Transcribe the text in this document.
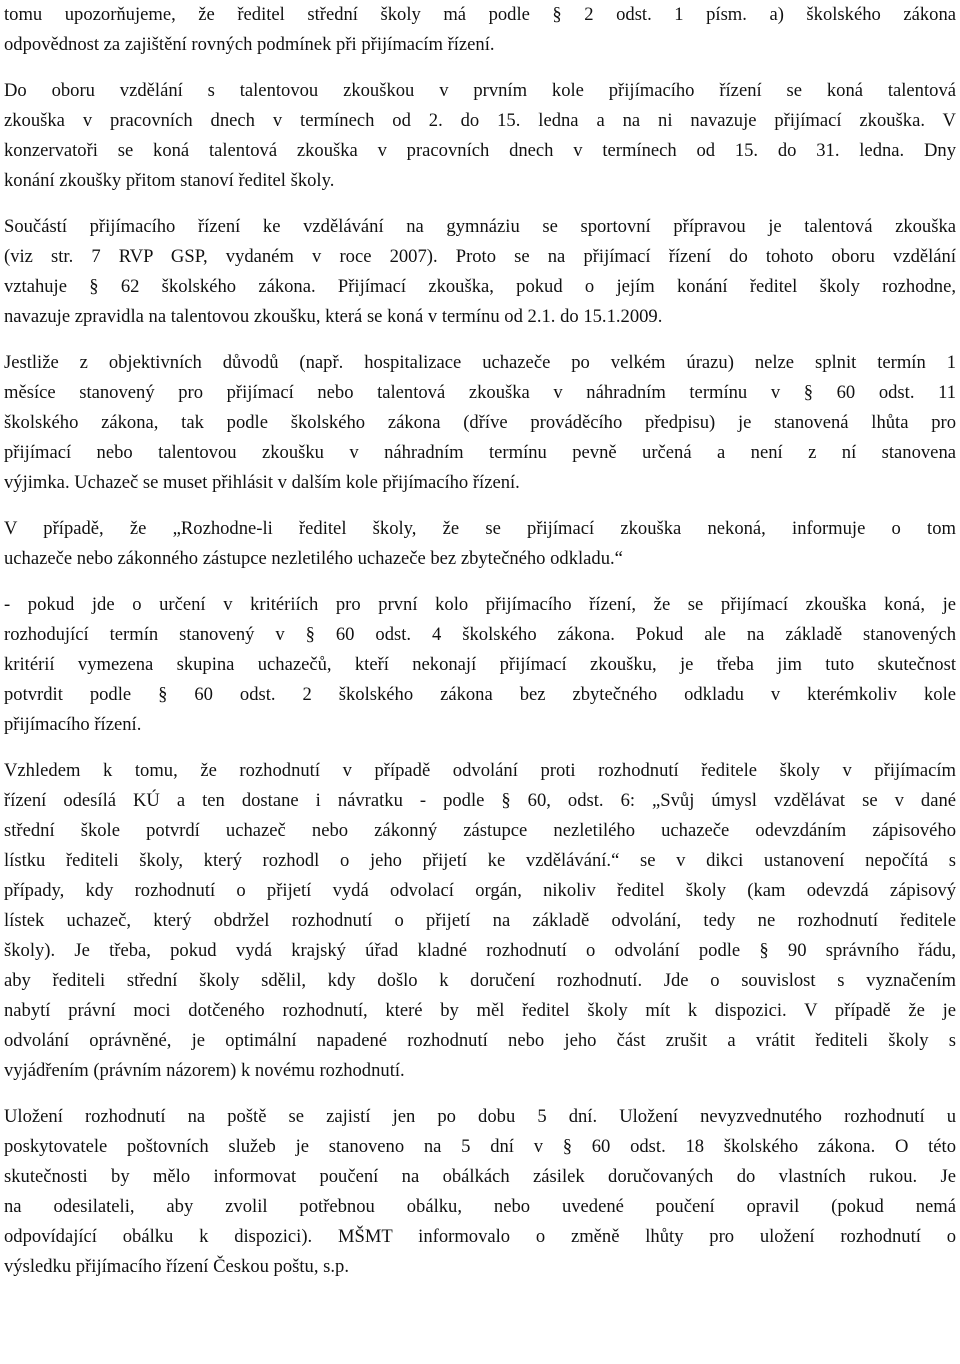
tomu upozorňujeme, že ředitel střední školy má podle § 2 odst. 1 písm. a) školského zákona
odpovědnost za zajištění rovných podmínek při přijímacím řízení.
Do oboru vzdělání s talentovou zkouškou v prvním kole přijímacího řízení se koná talentová
zkouška v pracovních dnech v termínech od 2. do 15. ledna a na ni navazuje přijímací zkouška. V
konzervatoři se koná talentová zkouška v pracovních dnech v termínech od 15. do 31. ledna. Dny
konání zkoušky přitom stanoví ředitel školy.
Součástí přijímacího řízení ke vzdělávání na gymnáziu se sportovní přípravou je talentová zkouška
(viz str. 7 RVP GSP, vydaném v roce 2007). Proto se na přijímací řízení do tohoto oboru vzdělání
vztahuje § 62 školského zákona. Přijímací zkouška, pokud o jejím konání ředitel školy rozhodne,
navazuje zpravidla na talentovou zkoušku, která se koná v termínu od 2.1. do 15.1.2009.
Jestliže z objektivních důvodů (např. hospitalizace uchazeče po velkém úrazu) nelze splnit termín 1
měsíce stanovený pro přijímací nebo talentová zkouška v náhradním termínu v § 60 odst. 11
školského zákona, tak podle školského zákona (dříve prováděcího předpisu) je stanovená lhůta pro
přijímací nebo talentovou zkoušku v náhradním termínu pevně určená a není z ní stanovena
výjimka. Uchazeč se muset přihlásit v dalším kole přijímacího řízení.
V případě, že „Rozhodne-li ředitel školy, že se přijímací zkouška nekoná, informuje o tom
uchazeče nebo zákonného zástupce nezletilého uchazeče bez zbytečného odkladu.“
- pokud jde o určení v kritériích pro první kolo přijímacího řízení, že se přijímací zkouška koná, je
rozhodující termín stanovený v § 60 odst. 4 školského zákona. Pokud ale na základě stanovených
kritérií vymezena skupina uchazečů, kteří nekonají přijímací zkoušku, je třeba jim tuto skutečnost
potvrdit podle § 60 odst. 2 školského zákona bez zbytečného odkladu v kterémkoliv kole
přijímacího řízení.
Vzhledem k tomu, že rozhodnutí v případě odvolání proti rozhodnutí ředitele školy v přijímacím
řízení odesílá KÚ a ten dostane i návratku - podle § 60, odst. 6: „Svůj úmysl vzdělávat se v dané
střední škole potvrdí uchazeč nebo zákonný zástupce nezletilého uchazeče odevzdáním zápisového
lístku řediteli školy, který rozhodl o jeho přijetí ke vzdělávání.“ se v dikci ustanovení nepočítá s
případy, kdy rozhodnutí o přijetí vydá odvolací orgán, nikoliv ředitel školy (kam odevzdá zápisový
lístek uchazeč, který obdržel rozhodnutí o přijetí na základě odvolání, tedy ne rozhodnutí ředitele
školy). Je třeba, pokud vydá krajský úřad kladné rozhodnutí o odvolání podle § 90 správního řádu,
aby řediteli střední školy sdělil, kdy došlo k doručení rozhodnutí. Jde o souvislost s vyznačením
nabytí právní moci dotčeného rozhodnutí, které by měl ředitel školy mít k dispozici. V případě že je
odvolání oprávněné, je optimální napadené rozhodnutí nebo jeho část zrušit a vrátit řediteli školy s
vyjádřením (právním názorem) k novému rozhodnutí.
Uložení rozhodnutí na poště se zajistí jen po dobu 5 dní. Uložení nevyzvednutého rozhodnutí u
poskytovatele poštovních služeb je stanoveno na 5 dní v § 60 odst. 18 školského zákona. O této
skutečnosti by mělo informovat poučení na obálkách zásilek doručovaných do vlastních rukou. Je
na odesilateli, aby zvolil potřebnou obálku, nebo uvedené poučení opravil (pokud nemá
odpovídající obálku k dispozici). MŠMT informovalo o změně lhůty pro uložení rozhodnutí o
výsledku přijímacího řízení Českou poštu, s.p.
